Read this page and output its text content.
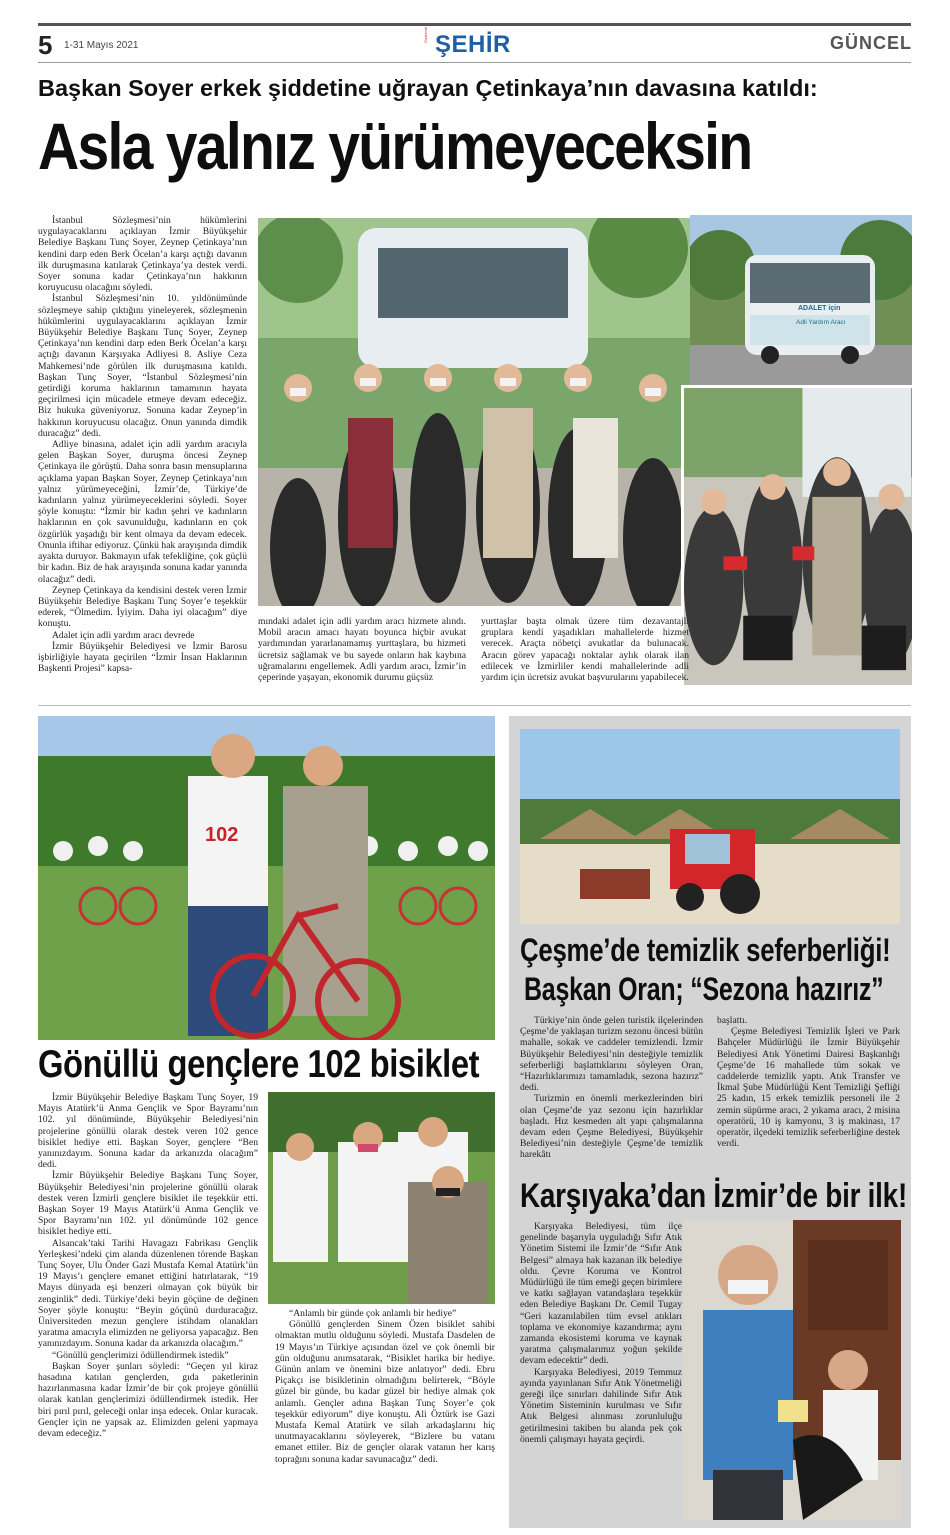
5 1-31 Mayıs 2021
Gaziemir ŞEHİR	GÜNCEL
Başkan Soyer erkek şiddetine uğrayan Çetinkaya’nın davasına katıldı:
Asla yalnız yürümeyeceksin

İstanbul Sözleşmesi’nin hükümlerini uygulayacaklarını açıklayan İzmir Büyükşehir Belediye Başkanı Tunç Soyer, Zeynep Çetinkaya’nın kendini darp eden Berk Öcelan’a karşı açtığı davanın ilk duruşmasına katılarak Çetinkaya’ya destek verdi. Soyer sonuna kadar Çetinkaya’nın hakkının koruyucusu olacağını söyledi.

İstanbul Sözleşmesi’nin 10. yıldönümünde sözleşmeye sahip çıktığını yineleyerek, sözleşmenin hükümlerini uygulayacaklarını açıklayan İzmir Büyükşehir Belediye Başkanı Tunç Soyer, Zeynep Çetinkaya’nın kendini darp eden Berk Öcelan’a karşı açtığı davanın Karşıyaka Adliyesi 8. Asliye Ceza Mahkemesi’nde görülen ilk duruşmasına katıldı. Başkan Tunç Soyer, “İstanbul Sözleşmesi’nin getirdiği koruma haklarının tamamının hayata geçirilmesi için mücadele etmeye devam edeceğiz. Biz hukuka güveniyoruz. Sonuna kadar Zeynep’in hakkının koruyucusu olacağız. Onun yanında dimdik duracağız” dedi.

Adliye binasına, adalet için adli yardım aracıyla gelen Başkan Soyer, duruşma öncesi Zeynep Çetinkaya ile görüştü. Daha sonra basın mensuplarına açıklama yapan Başkan Soyer, Zeynep Çetinkaya’nın yalnız yürümeyeceğini, İzmir’de, Türkiye’de kadınların yalnız yürümeyeceklerini söyledi. Soyer şöyle konuştu: “İzmir bir kadın şehri ve kadınların haklarının en çok savunulduğu, kadınların en çok özgürlük yaşadığı bir kent olmaya da devam edecek. Onunla iftihar ediyoruz. Çünkü hak arayışında dimdik ayakta duruyor. Bakmayın ufak tefekliğine, çok güçlü bir kadın. Biz de hak arayışında sonuna kadar yanında olacağız” dedi.

Zeynep Çetinkaya da kendisini destek veren İzmir Büyükşehir Belediye Başkanı Tunç Soyer’e teşekkür ederek, “Ölmedim. İyiyim. Daha iyi olacağım” diye konuştu.

Adalet için adli yardım aracı devrede

İzmir Büyükşehir Belediyesi ve İzmir Barosu işbirliğiyle hayata geçirilen “İzmir İnsan Haklarının Başkenti Projesi” kapsa-

ADALET için
Adli Yardım Aracı
mındaki adalet için adli yardım aracı hizmete alındı. Mobil aracın amacı hayatı boyunca hiçbir avukat yardımından yararlanamamış yurttaşlara, bu hizmeti ücretsiz sağlamak ve bu sayede onların hak kaybına uğramalarını engellemek. Adli yardım aracı, İzmir’in çeperinde yaşayan, ekonomik durumu güçsüz
yurttaşlar başta olmak üzere tüm dezavantajlı gruplara kendi yaşadıkları mahallelerde hizmet verecek. Araçta nöbetçi avukatlar da bulunacak. Aracın görev yapacağı noktalar aylık olarak ilan edilecek ve İzmirliler kendi mahallelerinde adli yardım için ücretsiz avukat başvurularını yapabilecek.
102
Gönüllü gençlere 102 bisiklet

İzmir Büyükşehir Belediye Başkanı Tunç Soyer, 19 Mayıs Atatürk’ü Anma Gençlik ve Spor Bayramı’nın 102. yıl dönümünde, Büyükşehir Belediyesi’nin projelerine gönüllü olarak destek veren 102 gence bisiklet hediye etti. Başkan Soyer, gençlere “Ben yanınızdayım. Sonuna kadar da arkanızda olacağım” dedi.

İzmir Büyükşehir Belediye Başkanı Tunç Soyer, Büyükşehir Belediyesi’nin projelerine gönüllü olarak destek veren İzmirli gençlere bisiklet ile teşekkür etti. Başkan Soyer 19 Mayıs Atatürk’ü Anma Gençlik ve Spor Bayramı’nın 102. yıl dönümünde 102 gence bisiklet hediye etti.

Alsancak’taki Tarihi Havagazı Fabrikası Gençlik Yerleşkesi’ndeki çim alanda düzenlenen törende Başkan Tunç Soyer, Ulu Önder Gazi Mustafa Kemal Atatürk’ün 19 Mayıs’ı gençlere emanet ettiğini hatırlatarak, “19 Mayıs dünyada eşi benzeri olmayan çok büyük bir zenginlik” dedi. Türkiye’deki beyin göçüne de değinen Soyer şöyle konuştu: “Beyin göçünü durduracağız. Üniversiteden mezun gençlere istihdam olanakları yaratma amacıyla elimizden ne geliyorsa yapacağız. Ben yanınızdayım. Sonuna kadar da arkanızda olacağım.”

“Gönüllü gençlerimizi ödüllendirmek istedik”

Başkan Soyer şunları söyledi: “Geçen yıl kiraz hasadına katılan gençlerden, gıda paketlerinin hazırlanmasına kadar İzmir’de bir çok projeye gönüllü olarak katılan gençlerimizi ödüllendirmek istedik. Her biri pırıl pırıl, geleceği onlar inşa edecek. Onlar kuracak. Gençler için ne yapsak az. Elimizden geleni yapmaya devam edeceğiz.”

“Anlamlı bir günde çok anlamlı bir hediye”

Gönüllü gençlerden Sinem Özen bisiklet sahibi olmaktan mutlu olduğunu söyledi. Mustafa Dasdelen de 19 Mayıs’ın Türkiye açısından özel ve çok önemli bir gün olduğunu anımsatarak, “Bisiklet harika bir hediye. Günün anlam ve önemini bize anlatıyor” dedi. Ebru Piçakçı ise bisikletinin olmadığını belirterek, “Böyle güzel bir günde, bu kadar güzel bir hediye almak çok anlamlı. Gençler adına Başkan Tunç Soyer’e çok teşekkür ediyorum” diye konuştu. Ali Öztürk ise Gazi Mustafa Kemal Atatürk ve silah arkadaşlarını hiç unutmayacaklarını söyleyerek, “Bizlere bu vatanı emanet ettiler. Biz de gençler olarak vatanın her karış toprağını sonuna kadar savunacağız” dedi.

Çeşme’de temizlik seferberliği!
Başkan Oran; “Sezona hazırız”

Türkiye’nin önde gelen turistik ilçelerinden Çeşme’de yaklaşan turizm sezonu öncesi bütün mahalle, sokak ve caddeler temizlendi. İzmir Büyükşehir Belediyesi’nin desteğiyle temizlik seferberliği başlattıklarını söyleyen Oran, “Hazırlıklarımızı tamamladık, sezona hazırız” dedi.

Turizmin en önemli merkezlerinden biri olan Çeşme’de yaz sezonu için hazırlıklar başladı. Hız kesmeden alt yapı çalışmalarına devam eden Çeşme Belediyesi, Büyükşehir Belediyesi’nin desteğiyle Çeşme’de temizlik harekâtı

başlattı.

Çeşme Belediyesi Temizlik İşleri ve Park Bahçeler Müdürlüğü ile İzmir Büyükşehir Belediyesi Atık Yönetimi Dairesi Başkanlığı Çeşme’de 16 mahallede tüm sokak ve caddelerde temizlik yaptı. Atık Transfer ve İkmal Şube Müdürlüğü Kent Temizliği Şefliği 25 kadın, 15 erkek temizlik personeli ile 2 zemin süpürme aracı, 2 yıkama aracı, 2 misina operatörü, 10 iş kamyonu, 3 iş makinası, 17 operatör, ilçedeki temizlik seferberliğine destek verdi.

Karşıyaka’dan İzmir’de bir ilk!

Karşıyaka Belediyesi, tüm ilçe genelinde başarıyla uyguladığı Sıfır Atık Yönetim Sistemi ile İzmir’de “Sıfır Atık Belgesi” almaya hak kazanan ilk belediye oldu. Çevre Koruma ve Kontrol Müdürlüğü ile tüm emeği geçen birimlere ve katkı sağlayan vatandaşlara teşekkür eden Belediye Başkanı Dr. Cemil Tugay “Geri kazanılabilen tüm evsel atıkları toplama ve ekonomiye kazandırma; aynı zamanda ekosistemi koruma ve kaynak yaratma çalışmalarımız yoğun şekilde devam edecektir” dedi.

Karşıyaka Belediyesi, 2019 Temmuz ayında yayınlanan Sıfır Atık Yönetmeliği gereği ilçe sınırları dahilinde Sıfır Atık Yönetim Sisteminin kurulması ve Sıfır Atık Belgesi alınması zorunluluğu getirilmesini takiben bu alanda pek çok önemli çalışmayı hayata geçirdi.
